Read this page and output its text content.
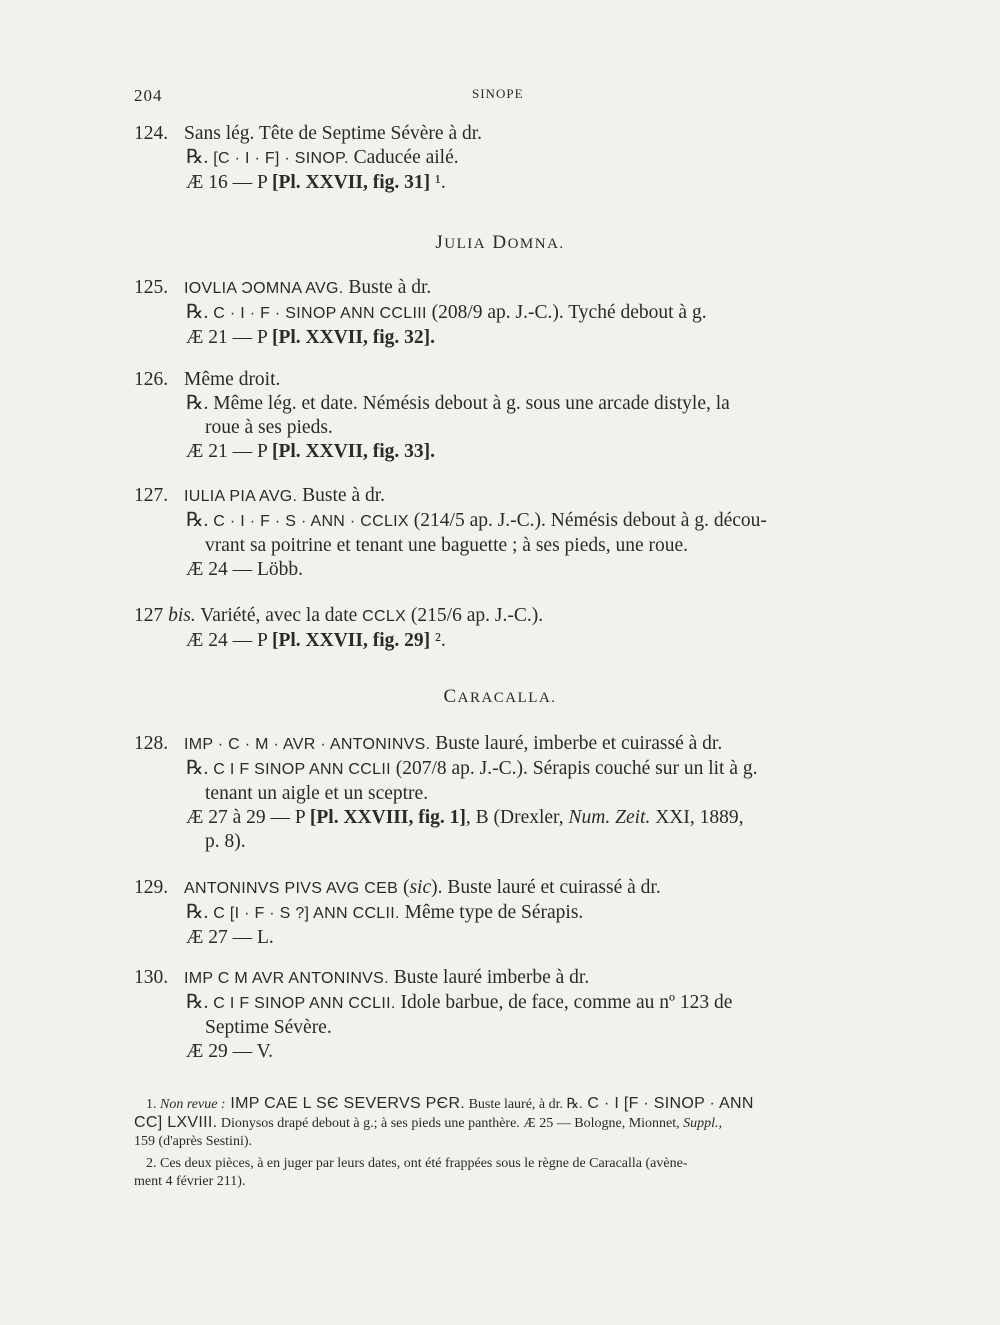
204	SINOPE
124. Sans lég. Tête de Septime Sévère à dr.
℞. [C · I · F] · SINOP. Caducée ailé.
Æ 16 — P [Pl. XXVII, fig. 31] ¹.
JULIA DOMNA.
125. IOVLIA ƆOMNA AVG. Buste à dr.
℞. C · I · F · SINOP ANN CCLIII (208/9 ap. J.-C.). Tyché debout à g.
Æ 21 — P [Pl. XXVII, fig. 32].
126. Même droit.
℞. Même lég. et date. Némésis debout à g. sous une arcade distyle, la
roue à ses pieds.
Æ 21 — P [Pl. XXVII, fig. 33].
127. IULIA PIA AVG. Buste à dr.
℞. C · I · F · S · ANN · CCLIX (214/5 ap. J.-C.). Némésis debout à g. décou-
vrant sa poitrine et tenant une baguette ; à ses pieds, une roue.
Æ 24 — Löbb.
127 bis. Variété, avec la date CCLX (215/6 ap. J.-C.).
Æ 24 — P [Pl. XXVII, fig. 29] ².
CARACALLA.
128. IMP · C · M · AVR · ANTONINVS. Buste lauré, imberbe et cuirassé à dr.
℞. C I F SINOP ANN CCLII (207/8 ap. J.-C.). Sérapis couché sur un lit à g.
tenant un aigle et un sceptre.
Æ 27 à 29 — P [Pl. XXVIII, fig. 1], B (Drexler, Num. Zeit. XXI, 1889,
p. 8).
129. ANTONINVS PIVS AVG CEB (sic). Buste lauré et cuirassé à dr.
℞. C [I · F · S ?] ANN CCLII. Même type de Sérapis.
Æ 27 — L.
130. IMP C M AVR ANTONINVS. Buste lauré imberbe à dr.
℞. C I F SINOP ANN CCLII. Idole barbue, de face, comme au nº 123 de
Septime Sévère.
Æ 29 — V.
1. Non revue : IMP CAE L SЄ SEVERVS PЄR. Buste lauré, à dr. ℞. C · I [F · SINOP · ANN
CC] LXVIII. Dionysos drapé debout à g.; à ses pieds une panthère. Æ 25 — Bologne, Mionnet, Suppl.,
159 (d'après Sestini).
2. Ces deux pièces, à en juger par leurs dates, ont été frappées sous le règne de Caracalla (avène-
ment 4 février 211).
